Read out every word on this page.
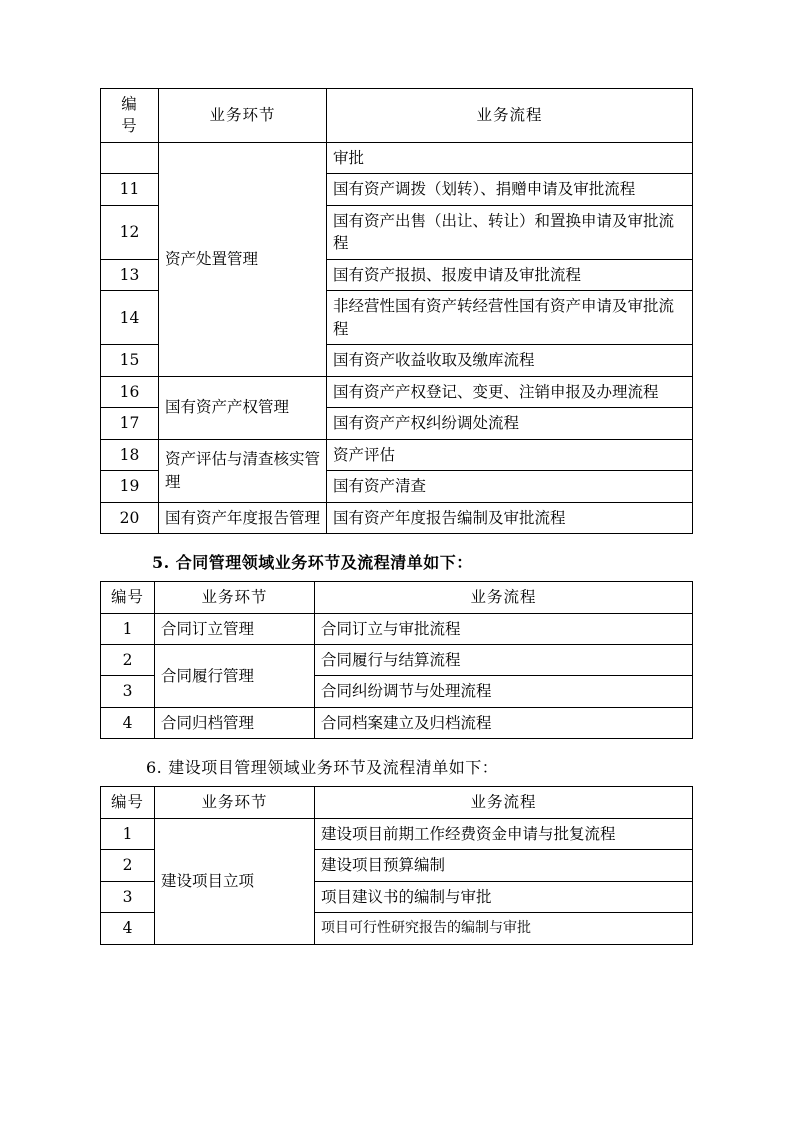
编
号	业务环节	业务流程
	资产处置管理	审批
11		国有资产调拨（划转）、捐赠申请及审批流程
12		国有资产出售（出让、转让）和置换申请及审批流程
13		国有资产报损、报废申请及审批流程
14		非经营性国有资产转经营性国有资产申请及审批流程
15		国有资产收益收取及缴库流程
16	国有资产产权管理	国有资产产权登记、变更、注销申报及办理流程
17		国有资产产权纠纷调处流程
18	资产评估与清查核实管理	资产评估
19		国有资产清查
20	国有资产年度报告管理	国有资产年度报告编制及审批流程
5. 合同管理领域业务环节及流程清单如下：
编号	业务环节	业务流程
1	合同订立管理	合同订立与审批流程
2	合同履行管理	合同履行与结算流程
3		合同纠纷调节与处理流程
4	合同归档管理	合同档案建立及归档流程
6. 建设项目管理领域业务环节及流程清单如下：
编号	业务环节	业务流程
1	建设项目立项	建设项目前期工作经费资金申请与批复流程
2		建设项目预算编制
3		项目建议书的编制与审批
4		项目可行性研究报告的编制与审批
